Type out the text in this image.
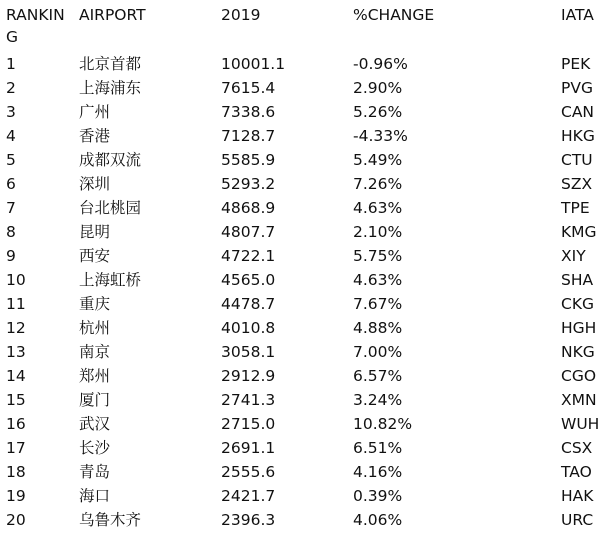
RANKING	AIRPORT	2019	%CHANGE	IATA
1	北京首都	10001.1	-0.96%	PEK
2	上海浦东	7615.4	2.90%	PVG
3	广州	7338.6	5.26%	CAN
4	香港	7128.7	-4.33%	HKG
5	成都双流	5585.9	5.49%	CTU
6	深圳	5293.2	7.26%	SZX
7	台北桃园	4868.9	4.63%	TPE
8	昆明	4807.7	2.10%	KMG
9	西安	4722.1	5.75%	XIY
10	上海虹桥	4565.0	4.63%	SHA
11	重庆	4478.7	7.67%	CKG
12	杭州	4010.8	4.88%	HGH
13	南京	3058.1	7.00%	NKG
14	郑州	2912.9	6.57%	CGO
15	厦门	2741.3	3.24%	XMN
16	武汉	2715.0	10.82%	WUH
17	长沙	2691.1	6.51%	CSX
18	青岛	2555.6	4.16%	TAO
19	海口	2421.7	0.39%	HAK
20	乌鲁木齐	2396.3	4.06%	URC
